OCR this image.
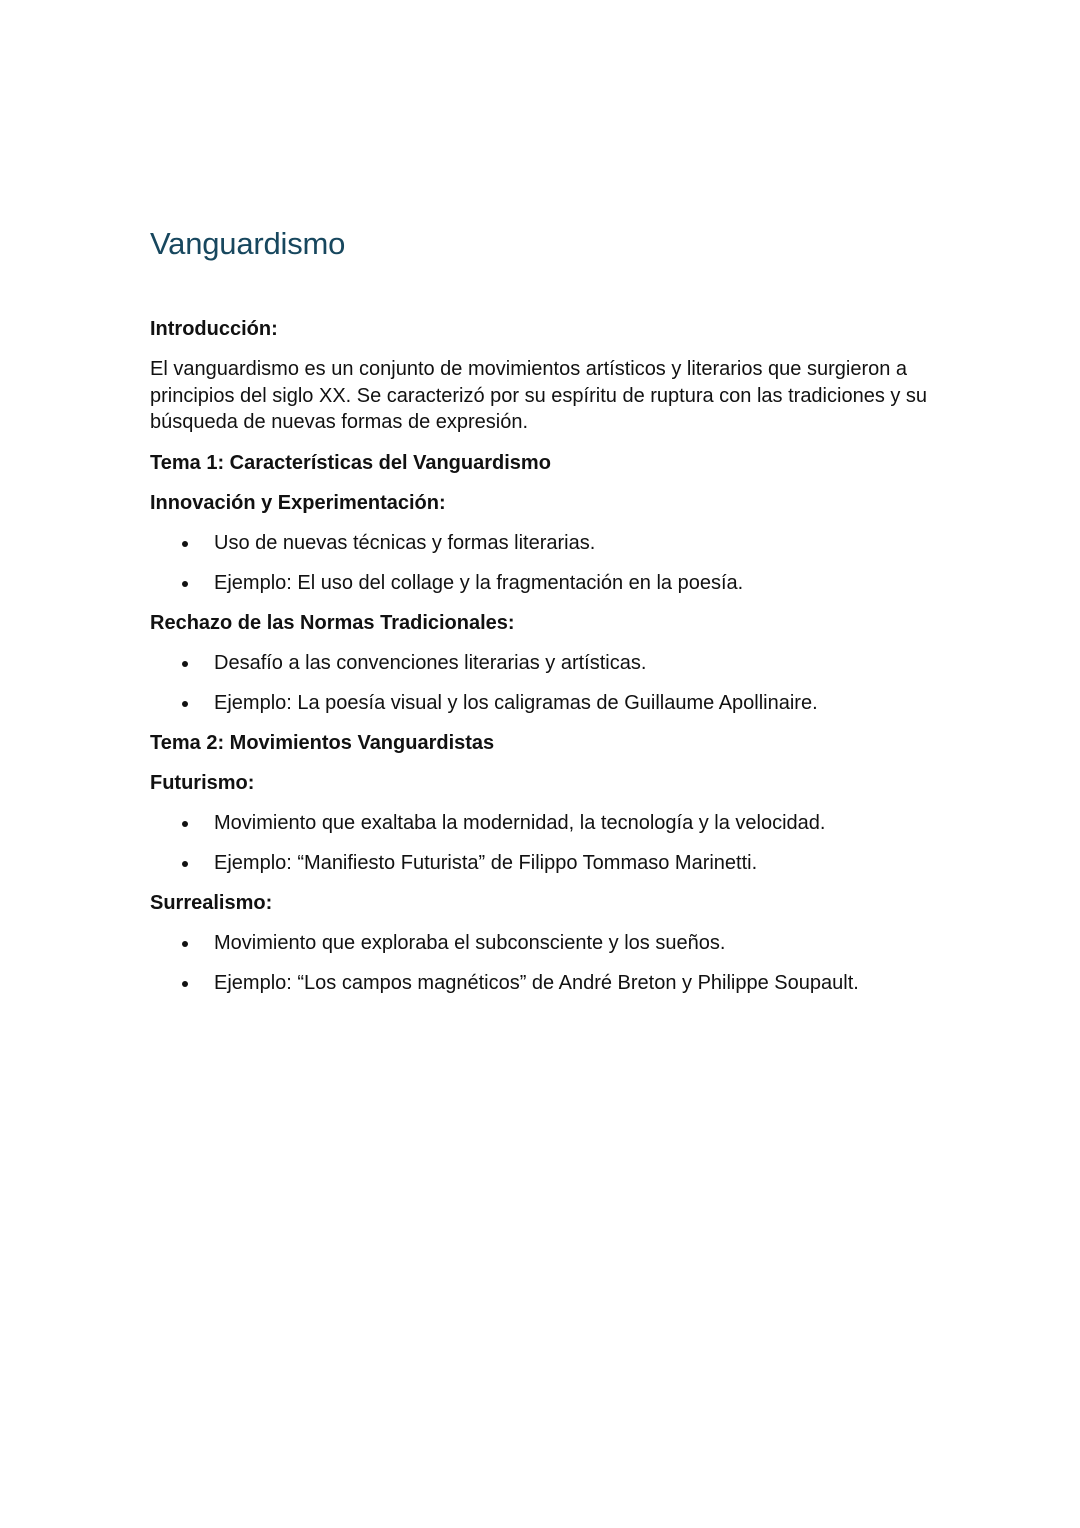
Vanguardismo

Introducción:

El vanguardismo es un conjunto de movimientos artísticos y literarios que surgieron a principios del siglo XX. Se caracterizó por su espíritu de ruptura con las tradiciones y su búsqueda de nuevas formas de expresión.

Tema 1: Características del Vanguardismo

Innovación y Experimentación:

Uso de nuevas técnicas y formas literarias.
Ejemplo: El uso del collage y la fragmentación en la poesía.

Rechazo de las Normas Tradicionales:

Desafío a las convenciones literarias y artísticas.
Ejemplo: La poesía visual y los caligramas de Guillaume Apollinaire.

Tema 2: Movimientos Vanguardistas

Futurismo:

Movimiento que exaltaba la modernidad, la tecnología y la velocidad.
Ejemplo: “Manifiesto Futurista” de Filippo Tommaso Marinetti.

Surrealismo:

Movimiento que exploraba el subconsciente y los sueños.
Ejemplo: “Los campos magnéticos” de André Breton y Philippe Soupault.
